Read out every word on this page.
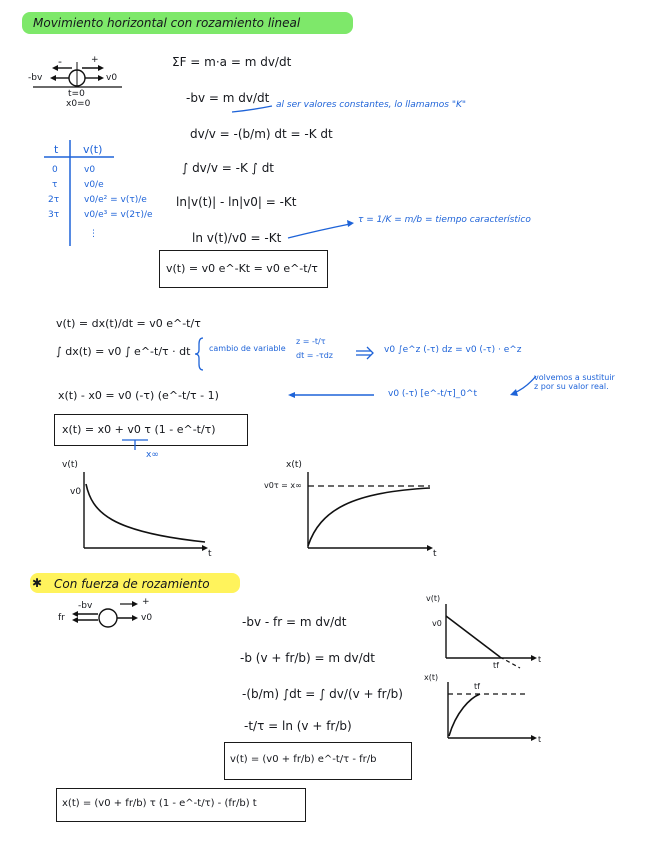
Movimiento horizontal con rozamiento lineal
-	+
-bv	v0
t=0
x0=0
ΣF = m·a = m dv/dt
-bv = m dv/dt al ser valores constantes, lo llamamos "K"
dv/v = -(b/m) dt = -K dt
∫ dv/v = -K ∫ dt
ln|v(t)| - ln|v0| = -Kt
ln v(t)/v0 = -Kt
τ = 1/K = m/b = tiempo característico
v(t) = v0 e^-Kt = v0 e^-t/τ
t v(t)
0	v0
τ	v0/e
2τ	v0/e² = v(τ)/e
3τ	v0/e³ = v(2τ)/e
⋮
v(t) = dx(t)/dt = v0 e^-t/τ
∫ dx(t) = v0 ∫ e^-t/τ · dt cambio de variable
z = -t/τ
dt = -τdz
v0 ∫e^z (-τ) dz = v0 (-τ) · e^z
x(t) - x0 = v0 (-τ) (e^-t/τ - 1)	v0 (-τ) [e^-t/τ]_0^t
volvemos a sustituir z por su valor real.
x(t) = x0 + v0 τ (1 - e^-t/τ)
x∞
v(t)
v0
t
x(t)
v0τ = x∞
t
✱ Con fuerza de rozamiento
-bv
fr	v0
+
-bv - fr = m dv/dt
-b (v + fr/b) = m dv/dt
-(b/m) ∫dt = ∫ dv/(v + fr/b)
-t/τ = ln (v + fr/b)
v(t) = (v0 + fr/b) e^-t/τ - fr/b
x(t) = (v0 + fr/b) τ (1 - e^-t/τ) - (fr/b) t
v(t)
v0
tf
t
x(t)
tf
t
